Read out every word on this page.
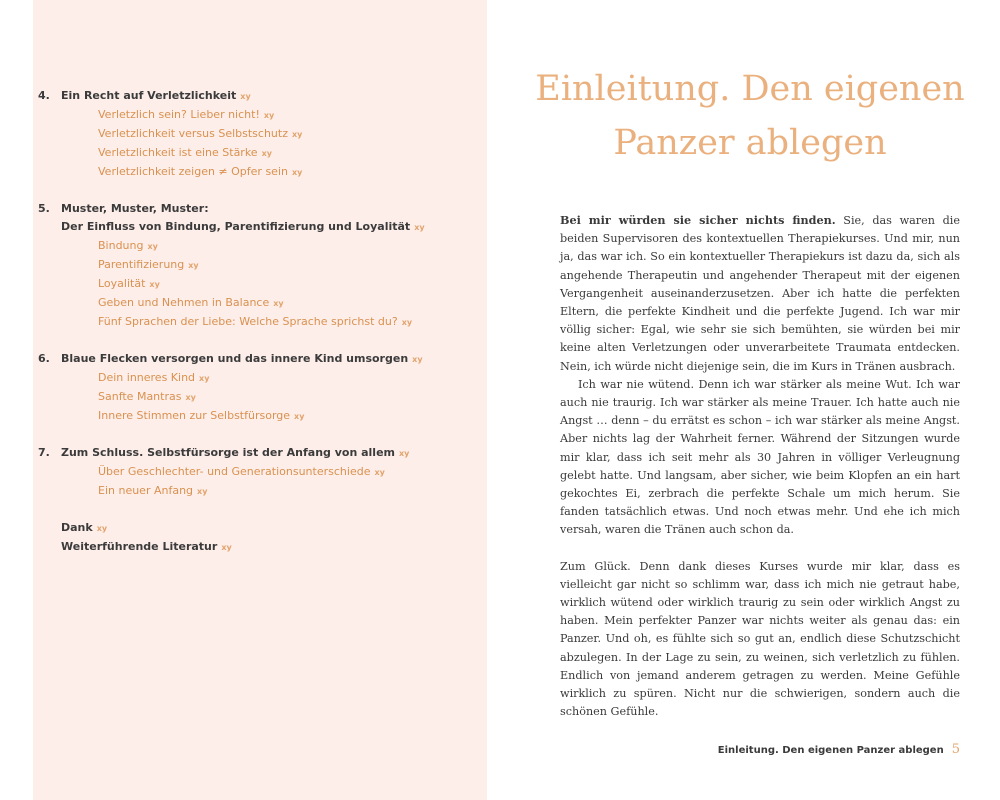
4.	Ein Recht auf Verletzlichkeit xy
Verletzlich sein? Lieber nicht! xy
Verletzlichkeit versus Selbstschutz xy
Verletzlichkeit ist eine Stärke xy
Verletzlichkeit zeigen ≠ Opfer sein xy
5.	Muster, Muster, Muster:
Der Einfluss von Bindung, Parentifizierung und Loyalität xy
Bindung xy
Parentifizierung xy
Loyalität xy
Geben und Nehmen in Balance xy
Fünf Sprachen der Liebe: Welche Sprache sprichst du? xy
6.	Blaue Flecken versorgen und das innere Kind umsorgen xy
Dein inneres Kind xy
Sanfte Mantras xy
Innere Stimmen zur Selbstfürsorge xy
7.	Zum Schluss. Selbstfürsorge ist der Anfang von allem xy
Über Geschlechter- und Generationsunterschiede xy
Ein neuer Anfang xy
Dank xy
Weiterführende Literatur xy
Einleitung. Den eigenen
Panzer ablegen

Bei mir würden sie sicher nichts finden. Sie, das waren die beiden Supervisoren des kontextuellen Therapiekurses. Und mir, nun ja, das war ich. So ein kontextueller Therapiekurs ist dazu da, sich als angehende Therapeutin und angehender Therapeut mit der eigenen Vergangenheit auseinanderzusetzen. Aber ich hatte die perfekten Eltern, die perfekte Kindheit und die perfekte Jugend. Ich war mir völlig sicher: Egal, wie sehr sie sich bemühten, sie würden bei mir keine alten Verletzungen oder unverarbeitete Traumata entdecken. Nein, ich würde nicht diejenige sein, die im Kurs in Tränen ausbrach.

Ich war nie wütend. Denn ich war stärker als meine Wut. Ich war auch nie traurig. Ich war stärker als meine Trauer. Ich hatte auch nie Angst … denn – du errätst es schon – ich war stärker als meine Angst. Aber nichts lag der Wahrheit ferner. Während der Sitzungen wurde mir klar, dass ich seit mehr als 30 Jahren in völliger Verleugnung gelebt hatte. Und langsam, aber sicher, wie beim Klopfen an ein hart gekochtes Ei, zerbrach die perfekte Schale um mich herum. Sie fanden tatsächlich etwas. Und noch etwas mehr. Und ehe ich mich versah, waren die Tränen auch schon da.

Zum Glück. Denn dank dieses Kurses wurde mir klar, dass es vielleicht gar nicht so schlimm war, dass ich mich nie getraut habe, wirklich wütend oder wirklich traurig zu sein oder wirklich Angst zu haben. Mein perfekter Panzer war nichts weiter als genau das: ein Panzer. Und oh, es fühlte sich so gut an, endlich diese Schutzschicht abzulegen. In der Lage zu sein, zu weinen, sich verletzlich zu fühlen. Endlich von jemand anderem getragen zu werden. Meine Gefühle wirklich zu spüren. Nicht nur die schwierigen, sondern auch die schönen Gefühle.

Einleitung. Den eigenen Panzer ablegen 5
